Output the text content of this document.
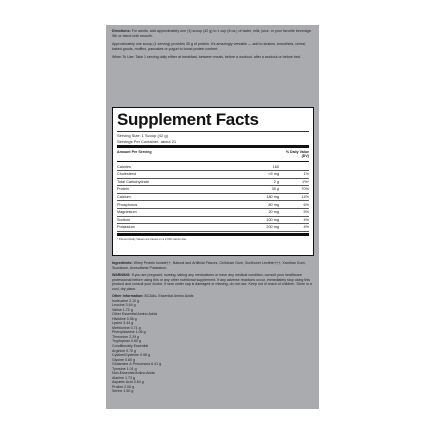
Directions: For adults, add approximately one (1) scoop (42 g) to 1 cup (8 oz.) of water, milk, juice, or your favorite beverage. Stir or blend until smooth.

Approximately one scoop (1 serving) provides 35 g of protein. It's amazingly versatile — add to shakes, smoothies, cereal, baked goods, muffins, pancakes or yogurt to boost protein content.

When To Use: Take 1 serving daily either at breakfast, between meals, before a workout, after a workout or before bed.

Supplement Facts
Serving Size: 1 Scoop (42 g)
Servings Per Container: about 21
Amount Per Serving	% Daily Value (DV)
Calories	160
Cholesterol	<5 mg	1%
Total Carbohydrate	2 g	1%*
Protein	35 g	70%
Calcium	180 mg	14%
Phosphorus	80 mg	6%
Magnesium	20 mg	5%
Sodium	100 mg	4%
Potassium	200 mg	4%
* Percent Daily Values are based on a 2,000 calorie diet.

Ingredients: Whey Protein Isolate††, Natural and Artificial Flavors, Cellulose Gum, Sunflower Lecithin†††, Xanthan Gum, Sucralose, Acesulfame Potassium.

WARNING: If you are pregnant, nursing, taking any medications or have any medical condition, consult your healthcare professional before using this or any other nutritional supplement. If any adverse reactions occur, immediately stop using this product and consult your doctor. If seal under cap is damaged or missing, do not use. Keep out of reach of children. Store in a cool, dry place.

Other Information: BCAAs- Essential Amino Acids

Isoleucine 2.10 g
Leucine 3.64 g
Valine 1.72 g
Other Essential Amino Acids
Histidine 0.56 g
Lysine 3.44 g
Methionine 0.71 g
Phenylalanine 1.06 g
Threonine 2.29 g
Tryptophan 0.60 g
Conditionally Essential
Arginine 0.70 g
Cystine/Cysteine 0.98 g
Glycine 0.60 g
Glutamine & Precursors 6.41 g
Tyrosine 1.01 g
Non-Essential Amino Acids
Alanine 1.73 g
Aspartic Acid 3.64 g
Proline 2.06 g
Serine 1.50 g
